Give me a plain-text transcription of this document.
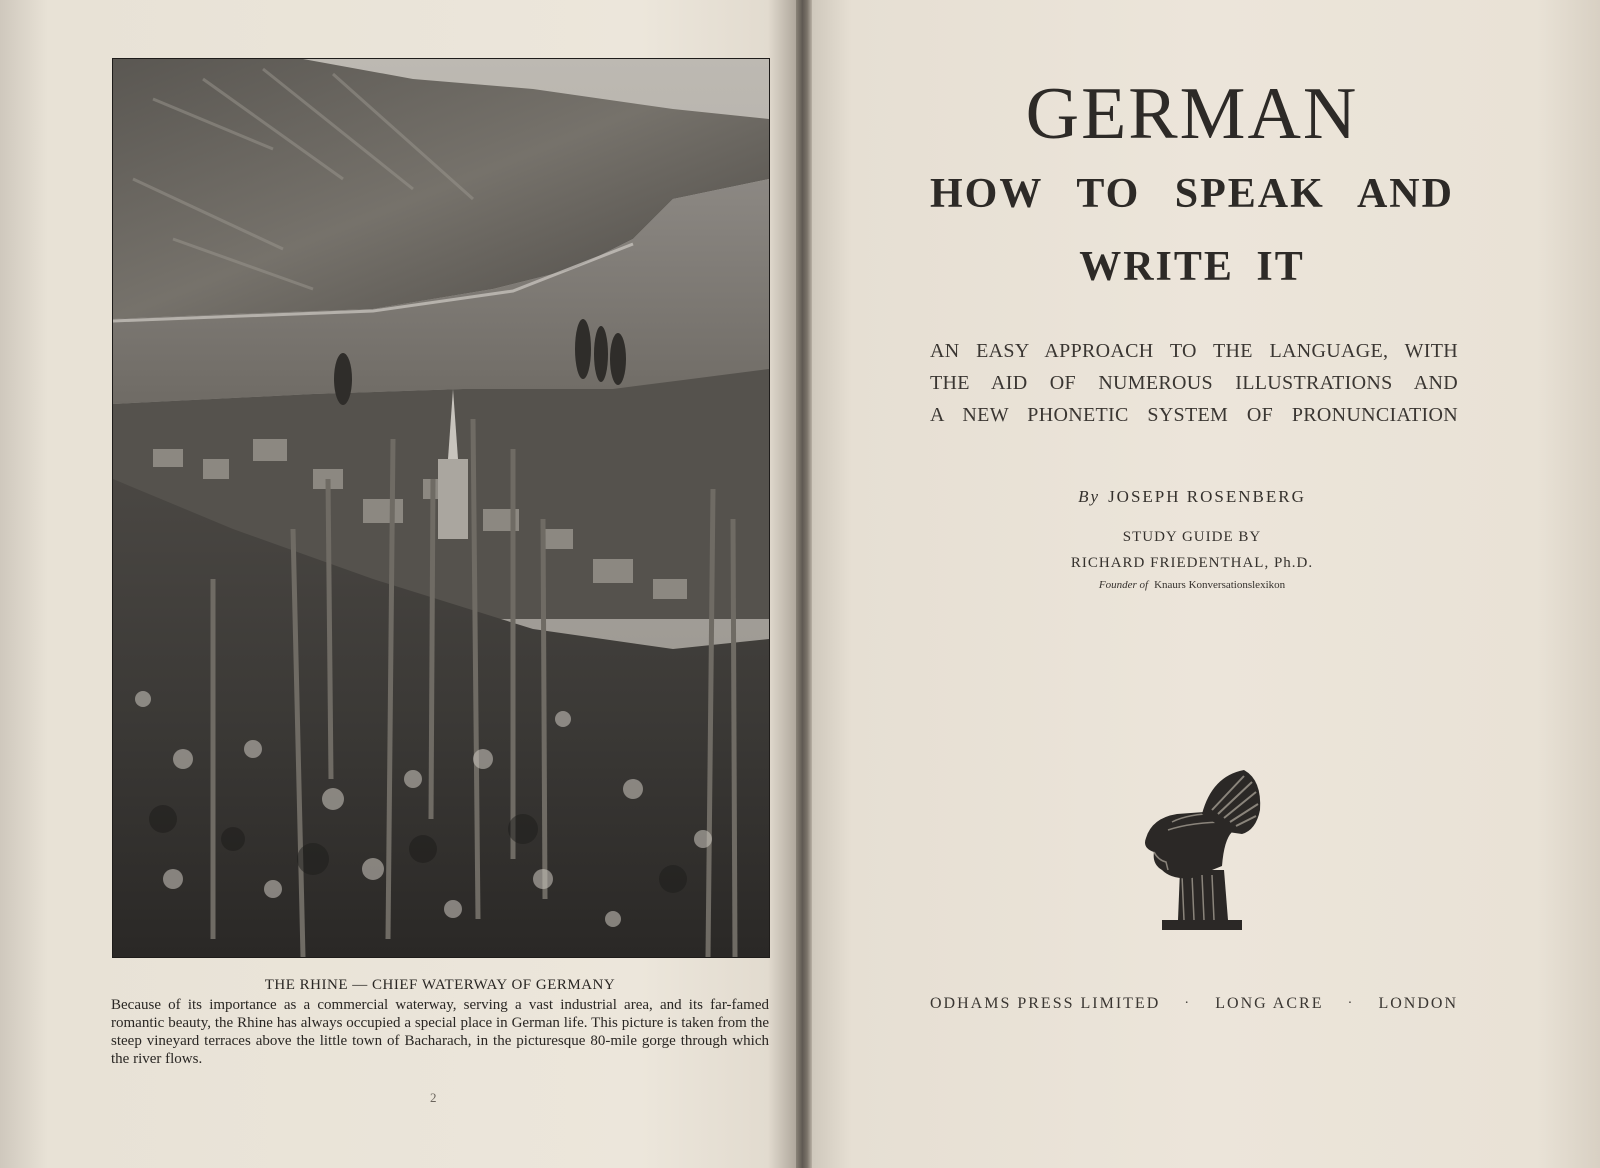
THE RHINE — CHIEF WATERWAY OF GERMANY
Because of its importance as a commercial waterway, serving a vast industrial area, and its far-famed romantic beauty, the Rhine has always occupied a special place in German life. This picture is taken from the steep vineyard terraces above the little town of Bacharach, in the picturesque 80-mile gorge through which the river flows.
2
GERMAN
HOW TO SPEAK AND
WRITE IT
AN EASY APPROACH TO THE LANGUAGE, WITH
THE AID OF NUMEROUS ILLUSTRATIONS AND
A NEW PHONETIC SYSTEM OF PRONUNCIATION
By JOSEPH ROSENBERG
STUDY GUIDE BY
RICHARD FRIEDENTHAL, Ph.D.
Founder of Knaurs Konversationslexikon
ODHAMS PRESS LIMITED · LONG ACRE · LONDON
